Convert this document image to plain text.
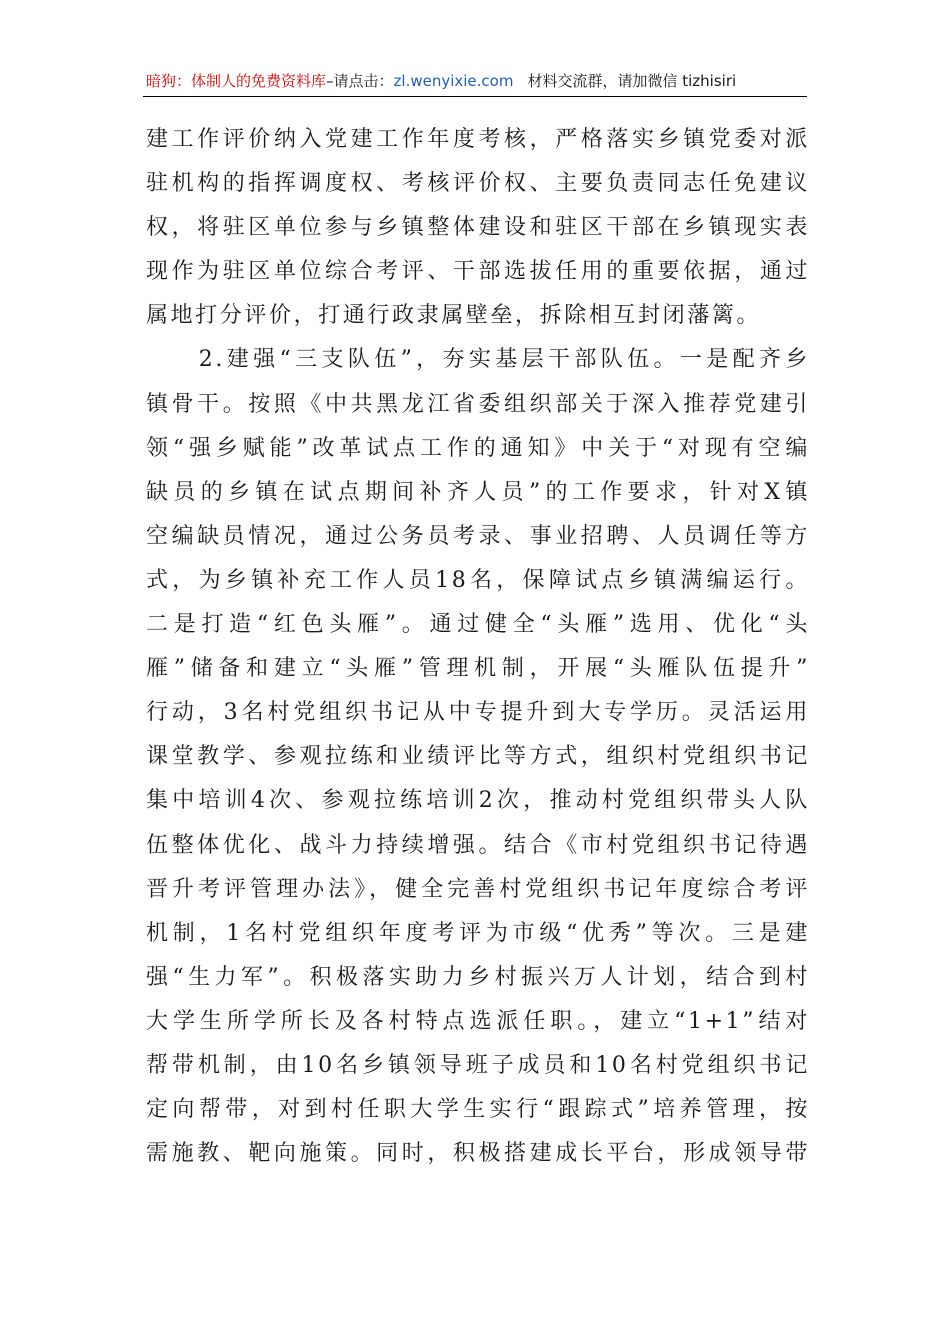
暗狗：体制人的免费资料库–请点击：zl.wenyixie.com 材料交流群，请加微信 tizhisiri

建工作评价纳入党建工作年度考核，严格落实乡镇党委对派
驻机构的指挥调度权、考核评价权、主要负责同志任免建议
权，将驻区单位参与乡镇整体建设和驻区干部在乡镇现实表
现作为驻区单位综合考评、干部选拔任用的重要依据，通过
属地打分评价，打通行政隶属壁垒，拆除相互封闭藩篱。

　　2.建强“三支队伍”，夯实基层干部队伍。一是配齐乡
镇骨干。按照《中共黑龙江省委组织部关于深入推荐党建引
领“强乡赋能”改革试点工作的通知》中关于“对现有空编
缺员的乡镇在试点期间补齐人员”的工作要求，针对X镇
空编缺员情况，通过公务员考录、事业招聘、人员调任等方
式，为乡镇补充工作人员18名，保障试点乡镇满编运行。
二是打造“红色头雁”。通过健全“头雁”选用、优化“头
雁”储备和建立“头雁”管理机制，开展“头雁队伍提升”
行动，3名村党组织书记从中专提升到大专学历。灵活运用
课堂教学、参观拉练和业绩评比等方式，组织村党组织书记
集中培训4次、参观拉练培训2次，推动村党组织带头人队
伍整体优化、战斗力持续增强。结合《市村党组织书记待遇
晋升考评管理办法》，健全完善村党组织书记年度综合考评
机制，1名村党组织年度考评为市级“优秀”等次。三是建
强“生力军”。积极落实助力乡村振兴万人计划，结合到村
大学生所学所长及各村特点选派任职。，建立“1+1”结对
帮带机制，由10名乡镇领导班子成员和10名村党组织书记
定向帮带，对到村任职大学生实行“跟踪式”培养管理，按
需施教、靶向施策。同时，积极搭建成长平台，形成领导带
